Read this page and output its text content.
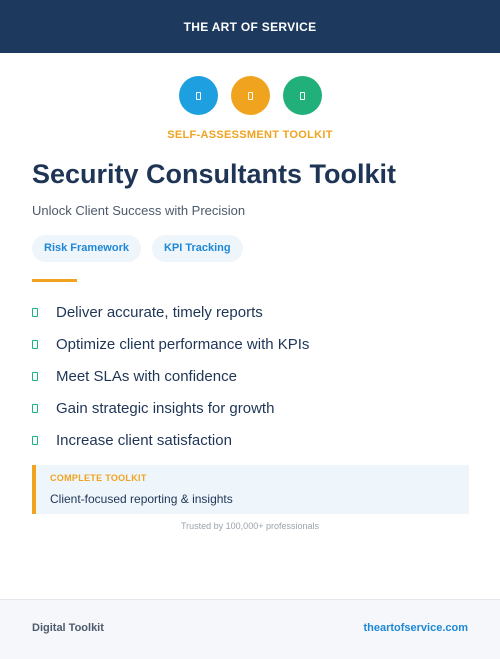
THE ART OF SERVICE
SELF-ASSESSMENT TOOLKIT
Security Consultants Toolkit
Unlock Client Success with Precision
Risk Framework	KPI Tracking
Deliver accurate, timely reports
Optimize client performance with KPIs
Meet SLAs with confidence
Gain strategic insights for growth
Increase client satisfaction
COMPLETE TOOLKIT
Client-focused reporting & insights
Trusted by 100,000+ professionals
Digital Toolkit	theartofservice.com
